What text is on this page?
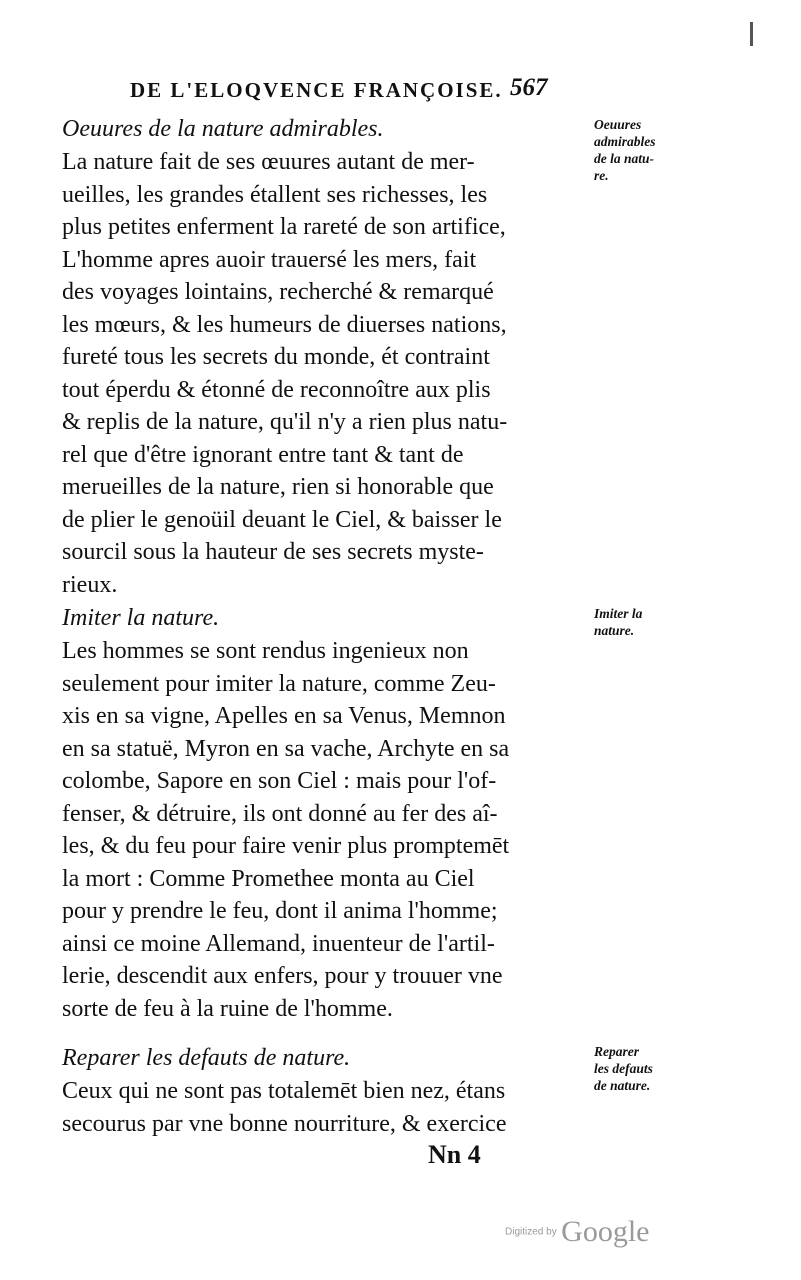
DE L'ELOQVENCE FRANÇOISE. 567
Oeuures de la nature admirables.
La nature fait de ses œuures autant de mer-
ueilles, les grandes étallent ses richesses, les
plus petites enferment la rareté de son artifice,
L'homme apres auoir trauersé les mers, fait
des voyages lointains, recherché & remarqué
les mœurs, & les humeurs de diuerses nations,
fureté tous les secrets du monde, ét contraint
tout éperdu & étonné de reconnoître aux plis
& replis de la nature, qu'il n'y a rien plus natu-
rel que d'être ignorant entre tant & tant de
merueilles de la nature, rien si honorable que
de plier le genoüil deuant le Ciel, & baisser le
sourcil sous la hauteur de ses secrets myste-
rieux.
Imiter la nature.
Les hommes se sont rendus ingenieux non
seulement pour imiter la nature, comme Zeu-
xis en sa vigne, Apelles en sa Venus, Memnon
en sa statuë, Myron en sa vache, Archyte en sa
colombe, Sapore en son Ciel : mais pour l'of-
fenser, & détruire, ils ont donné au fer des aî-
les, & du feu pour faire venir plus promptemēt
la mort : Comme Promethee monta au Ciel
pour y prendre le feu, dont il anima l'homme;
ainsi ce moine Allemand, inuenteur de l'artil-
lerie, descendit aux enfers, pour y trouuer vne
sorte de feu à la ruine de l'homme.
Reparer les defauts de nature.
Ceux qui ne sont pas totalemēt bien nez, étans
secourus par vne bonne nourriture, & exercice
Oeuures
admirables
de la natu-
re.
Imiter la
nature.
Reparer
les defauts
de nature.
Nn 4
Digitized by Google
